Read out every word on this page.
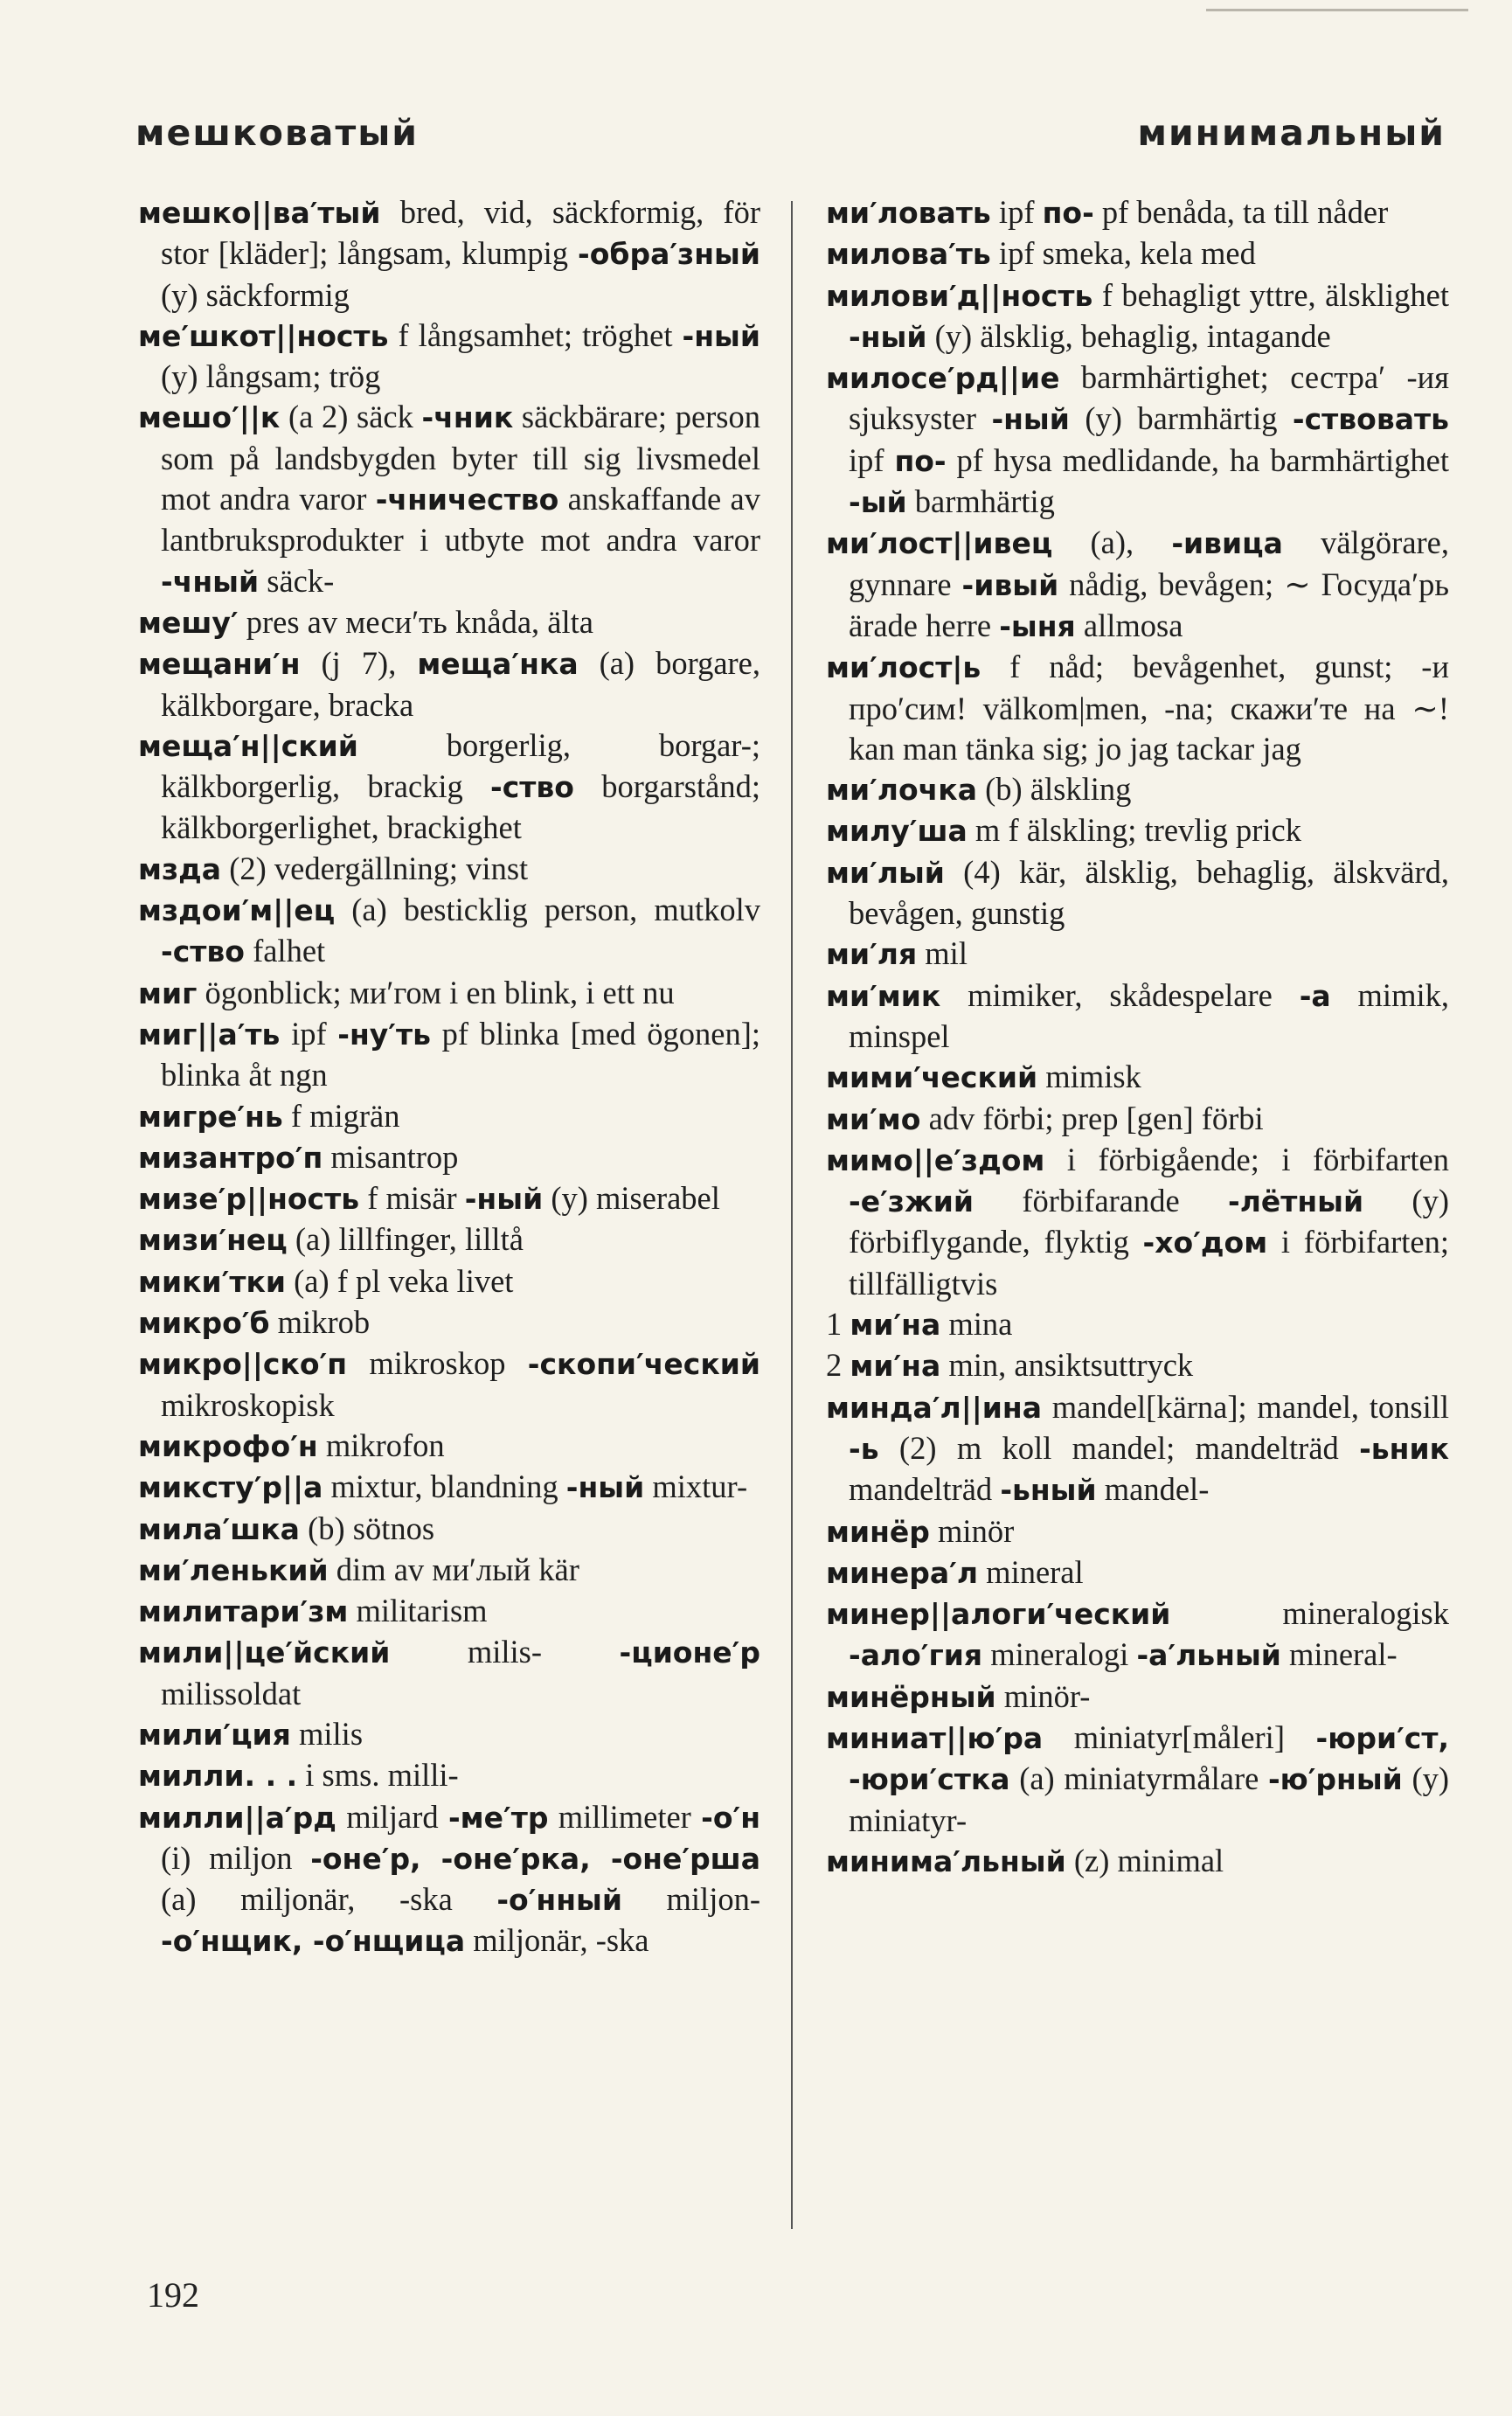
мешковатый	минимальный

мешко||ва′тый bred, vid, säckformig, för stor [kläder]; långsam, klumpig -обра′зный (y) säckformig

ме′шкот||ность f långsamhet; tröghet -ный (y) långsam; trög

мешо′||к (a 2) säck -чник säckbärare; person som på landsbygden byter till sig livsmedel mot andra varor -чничество anskaffande av lantbruksprodukter i utbyte mot andra varor -чный säck-

мешу′ pres av меси′ть knåda, älta

мещани′н (j 7), меща′нка (a) borgare, kälkborgare, bracka

меща′н||ский borgerlig, borgar-; kälkborgerlig, brackig -ство borgarstånd; kälkborgerlighet, brackighet

мзда (2) vedergällning; vinst

мздои′м||ец (a) besticklig person, mutkolv -ство falhet

миг ögonblick; ми′гом i en blink, i ett nu

миг||а′ть ipf -ну′ть pf blinka [med ögonen]; blinka åt ngn

мигре′нь f migrän

мизантро′п misantrop

мизе′р||ность f misär -ный (y) miserabel

мизи′нец (a) lillfinger, lilltå

мики′тки (a) f pl veka livet

микро′б mikrob

микро||ско′п mikroskop -скопи′ческий mikroskopisk

микрофо′н mikrofon

миксту′р||а mixtur, blandning -ный mixtur-

мила′шка (b) sötnos

ми′ленький dim av ми′лый kär

милитари′зм militarism

мили||це′йский milis- -ционе′р milissoldat

мили′ция milis

милли. . . i sms. milli-

милли||а′рд miljard -ме′тр millimeter -о′н (i) miljon -оне′р, -оне′рка, -оне′рша (a) miljonär, -ska -о′нный miljon- -о′нщик, -о′нщица miljonär, -ska

ми′ловать ipf по- pf benåda, ta till nåder

милова′ть ipf smeka, kela med

милови′д||ность f behagligt yttre, älsklighet -ный (y) älsklig, behaglig, intagande

милосе′рд||ие barmhärtighet; сестра′ -ия sjuksyster -ный (y) barmhärtig -ствовать ipf по- pf hysa medlidande, ha barmhärtighet -ый barmhärtig

ми′лост||ивец (a), -ивица välgörare, gynnare -ивый nådig, bevågen; ∼ Госуда′рь ärade herre -ыня allmosa

ми′лост|ь f nåd; bevågenhet, gunst; -и про′сим! välkom|men, -na; скажи′те на ∼! kan man tänka sig; jo jag tackar jag

ми′лочка (b) älskling

милу′ша m f älskling; trevlig prick

ми′лый (4) kär, älsklig, behaglig, älskvärd, bevågen, gunstig

ми′ля mil

ми′мик mimiker, skådespelare -а mimik, minspel

мими′ческий mimisk

ми′мо adv förbi; prep [gen] förbi

мимо||е′здом i förbigående; i förbifarten -е′зжий förbifarande -лётный (y) förbiflygande, flyktig -хо′дом i förbifarten; tillfälligtvis

1 ми′на mina

2 ми′на min, ansiktsuttryck

минда′л||ина mandel[kärna]; mandel, tonsill -ь (2) m koll mandel; mandelträd -ьник mandelträd -ьный mandel-

минёр minör

минера′л mineral

минер||алоги′ческий mineralogisk -ало′гия mineralogi -а′льный mineral-

минёрный minör-

миниат||ю′ра miniatyr[måleri] -юри′ст, -юри′стка (a) miniatyrmålare -ю′рный (y) miniatyr-

минима′льный (z) minimal

192
